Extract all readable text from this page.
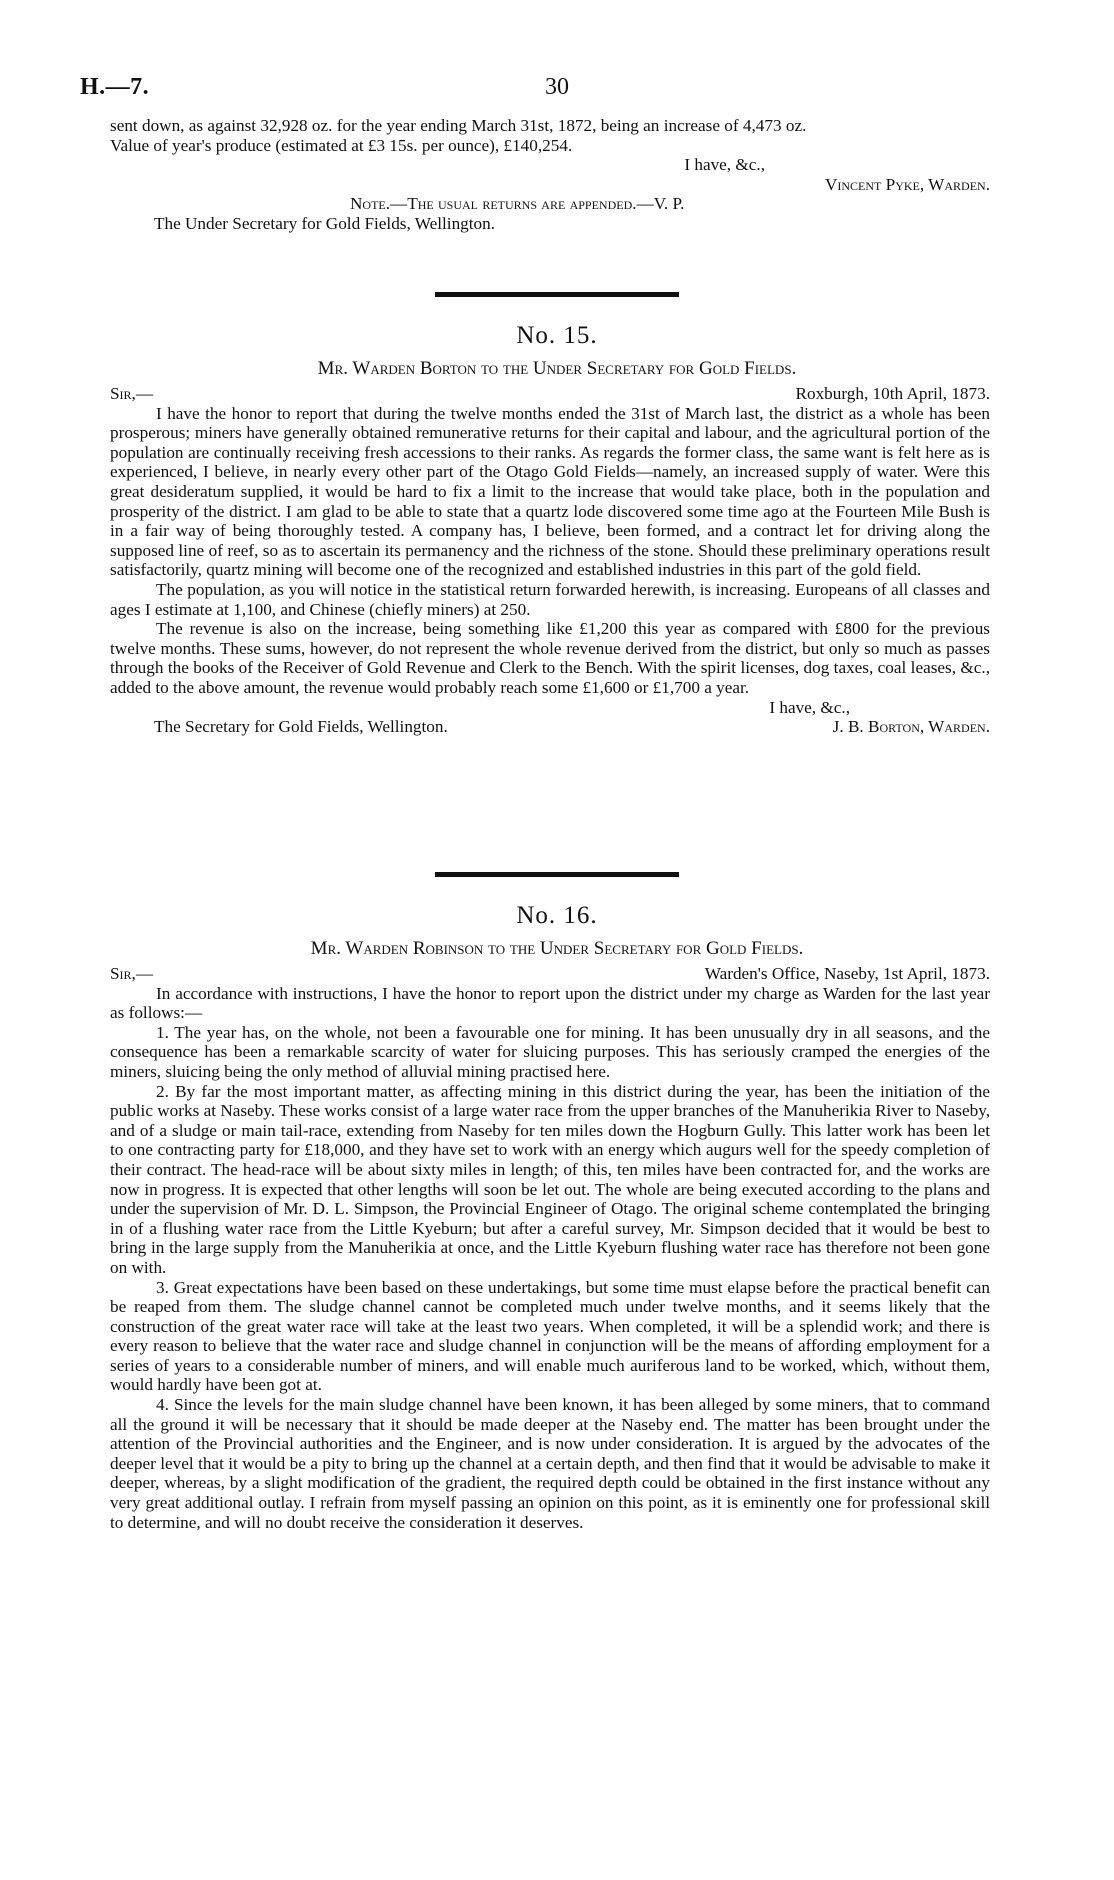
H.—7.	30

sent down, as against 32,928 oz. for the year ending March 31st, 1872, being an increase of 4,473 oz.

Value of year's produce (estimated at £3 15s. per ounce), £140,254.

I have, &c.,

Vincent Pyke, Warden.

Note.—The usual returns are appended.—V. P.

The Under Secretary for Gold Fields, Wellington.

No. 15.
Mr. Warden Borton to the Under Secretary for Gold Fields.
Sir,—	Roxburgh, 10th April, 1873.

I have the honor to report that during the twelve months ended the 31st of March last, the district as a whole has been prosperous; miners have generally obtained remunerative returns for their capital and labour, and the agricultural portion of the population are continually receiving fresh accessions to their ranks. As regards the former class, the same want is felt here as is experienced, I believe, in nearly every other part of the Otago Gold Fields—namely, an increased supply of water. Were this great desideratum supplied, it would be hard to fix a limit to the increase that would take place, both in the population and prosperity of the district. I am glad to be able to state that a quartz lode discovered some time ago at the Fourteen Mile Bush is in a fair way of being thoroughly tested. A company has, I believe, been formed, and a contract let for driving along the supposed line of reef, so as to ascertain its permanency and the richness of the stone. Should these preliminary operations result satisfactorily, quartz mining will become one of the recognized and established industries in this part of the gold field.

The population, as you will notice in the statistical return forwarded herewith, is increasing. Europeans of all classes and ages I estimate at 1,100, and Chinese (chiefly miners) at 250.

The revenue is also on the increase, being something like £1,200 this year as compared with £800 for the previous twelve months. These sums, however, do not represent the whole revenue derived from the district, but only so much as passes through the books of the Receiver of Gold Revenue and Clerk to the Bench. With the spirit licenses, dog taxes, coal leases, &c., added to the above amount, the revenue would probably reach some £1,600 or £1,700 a year.

I have, &c.,

The Secretary for Gold Fields, Wellington.	J. B. Borton, Warden.
No. 16.
Mr. Warden Robinson to the Under Secretary for Gold Fields.
Sir,—	Warden's Office, Naseby, 1st April, 1873.

In accordance with instructions, I have the honor to report upon the district under my charge as Warden for the last year as follows:—

1. The year has, on the whole, not been a favourable one for mining. It has been unusually dry in all seasons, and the consequence has been a remarkable scarcity of water for sluicing purposes. This has seriously cramped the energies of the miners, sluicing being the only method of alluvial mining practised here.

2. By far the most important matter, as affecting mining in this district during the year, has been the initiation of the public works at Naseby. These works consist of a large water race from the upper branches of the Manuherikia River to Naseby, and of a sludge or main tail-race, extending from Naseby for ten miles down the Hogburn Gully. This latter work has been let to one contracting party for £18,000, and they have set to work with an energy which augurs well for the speedy completion of their contract. The head-race will be about sixty miles in length; of this, ten miles have been contracted for, and the works are now in progress. It is expected that other lengths will soon be let out. The whole are being executed according to the plans and under the supervision of Mr. D. L. Simpson, the Provincial Engineer of Otago. The original scheme contemplated the bringing in of a flushing water race from the Little Kyeburn; but after a careful survey, Mr. Simpson decided that it would be best to bring in the large supply from the Manuherikia at once, and the Little Kyeburn flushing water race has therefore not been gone on with.

3. Great expectations have been based on these undertakings, but some time must elapse before the practical benefit can be reaped from them. The sludge channel cannot be completed much under twelve months, and it seems likely that the construction of the great water race will take at the least two years. When completed, it will be a splendid work; and there is every reason to believe that the water race and sludge channel in conjunction will be the means of affording employment for a series of years to a considerable number of miners, and will enable much auriferous land to be worked, which, without them, would hardly have been got at.

4. Since the levels for the main sludge channel have been known, it has been alleged by some miners, that to command all the ground it will be necessary that it should be made deeper at the Naseby end. The matter has been brought under the attention of the Provincial authorities and the Engineer, and is now under consideration. It is argued by the advocates of the deeper level that it would be a pity to bring up the channel at a certain depth, and then find that it would be advisable to make it deeper, whereas, by a slight modification of the gradient, the required depth could be obtained in the first instance without any very great additional outlay. I refrain from myself passing an opinion on this point, as it is eminently one for professional skill to determine, and will no doubt receive the consideration it deserves.
